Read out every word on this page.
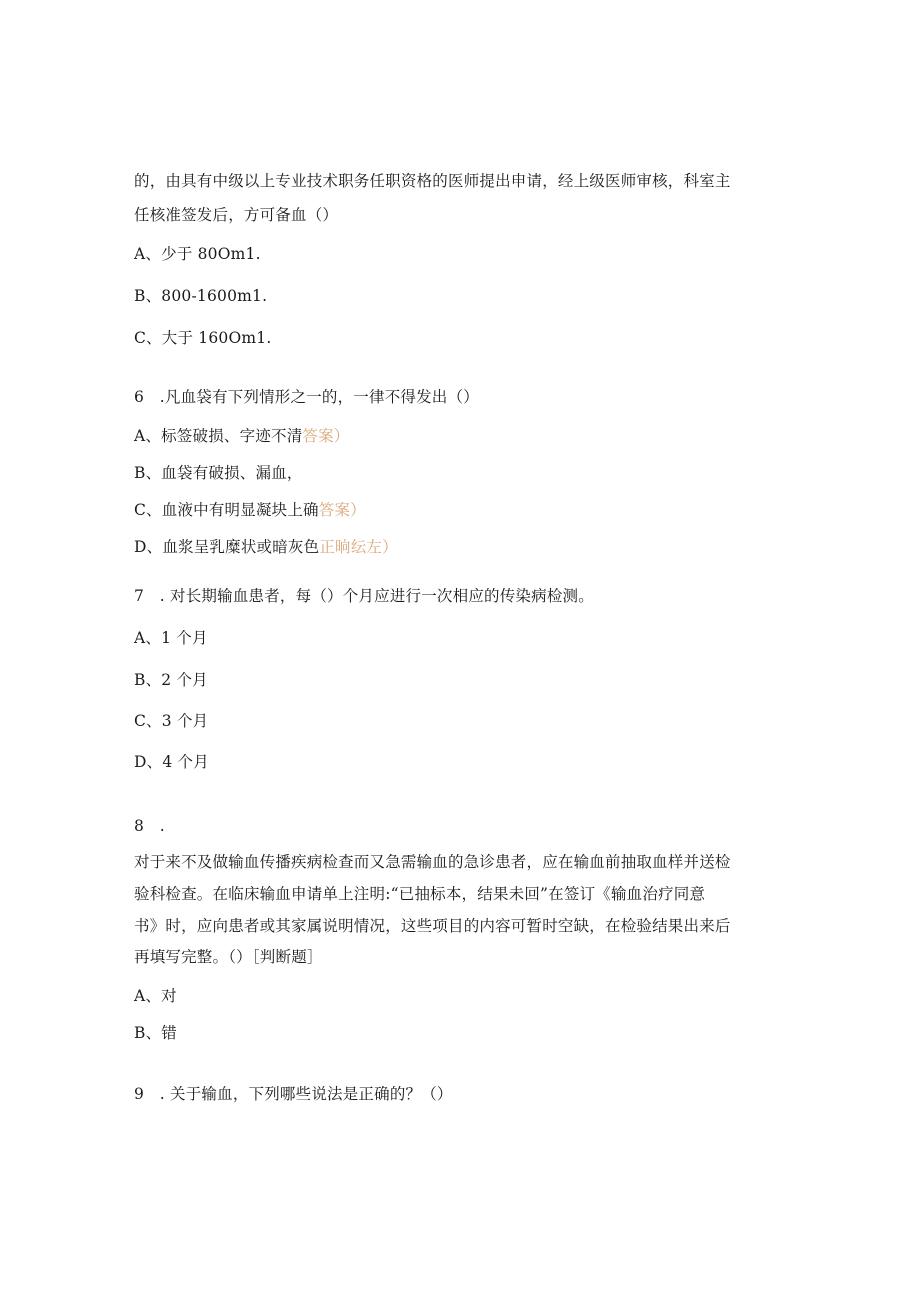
的，由具有中级以上专业技术职务任职资格的医师提出申请，经上级医师审核，科室主
任核准签发后，方可备血（）
A、少于 80Om1.
B、800-1600m1.
C、大于 160Om1.
6　.凡血袋有下列情形之一的，一律不得发出（）
A、标签破损、字迹不清答案）
B、血袋有破损、漏血，
C、血液中有明显凝块上确答案）
D、血浆呈乳糜状或暗灰色正晌纭左）
7　. 对长期输血患者，每（）个月应进行一次相应的传染病检测。
A、1 个月
B、2 个月
C、3 个月
D、4 个月
8　.
对于来不及做输血传播疾病检查而又急需输血的急诊患者，应在输血前抽取血样并送检
验科检查。在临床输血申请单上注明:“已抽标本，结果未回”在签订《输血治疗同意
书》时，应向患者或其家属说明情况，这些项目的内容可暂时空缺，在检验结果出来后
再填写完整。（）［判断题］
A、对
B、错
9　. 关于输血，下列哪些说法是正确的？（）
